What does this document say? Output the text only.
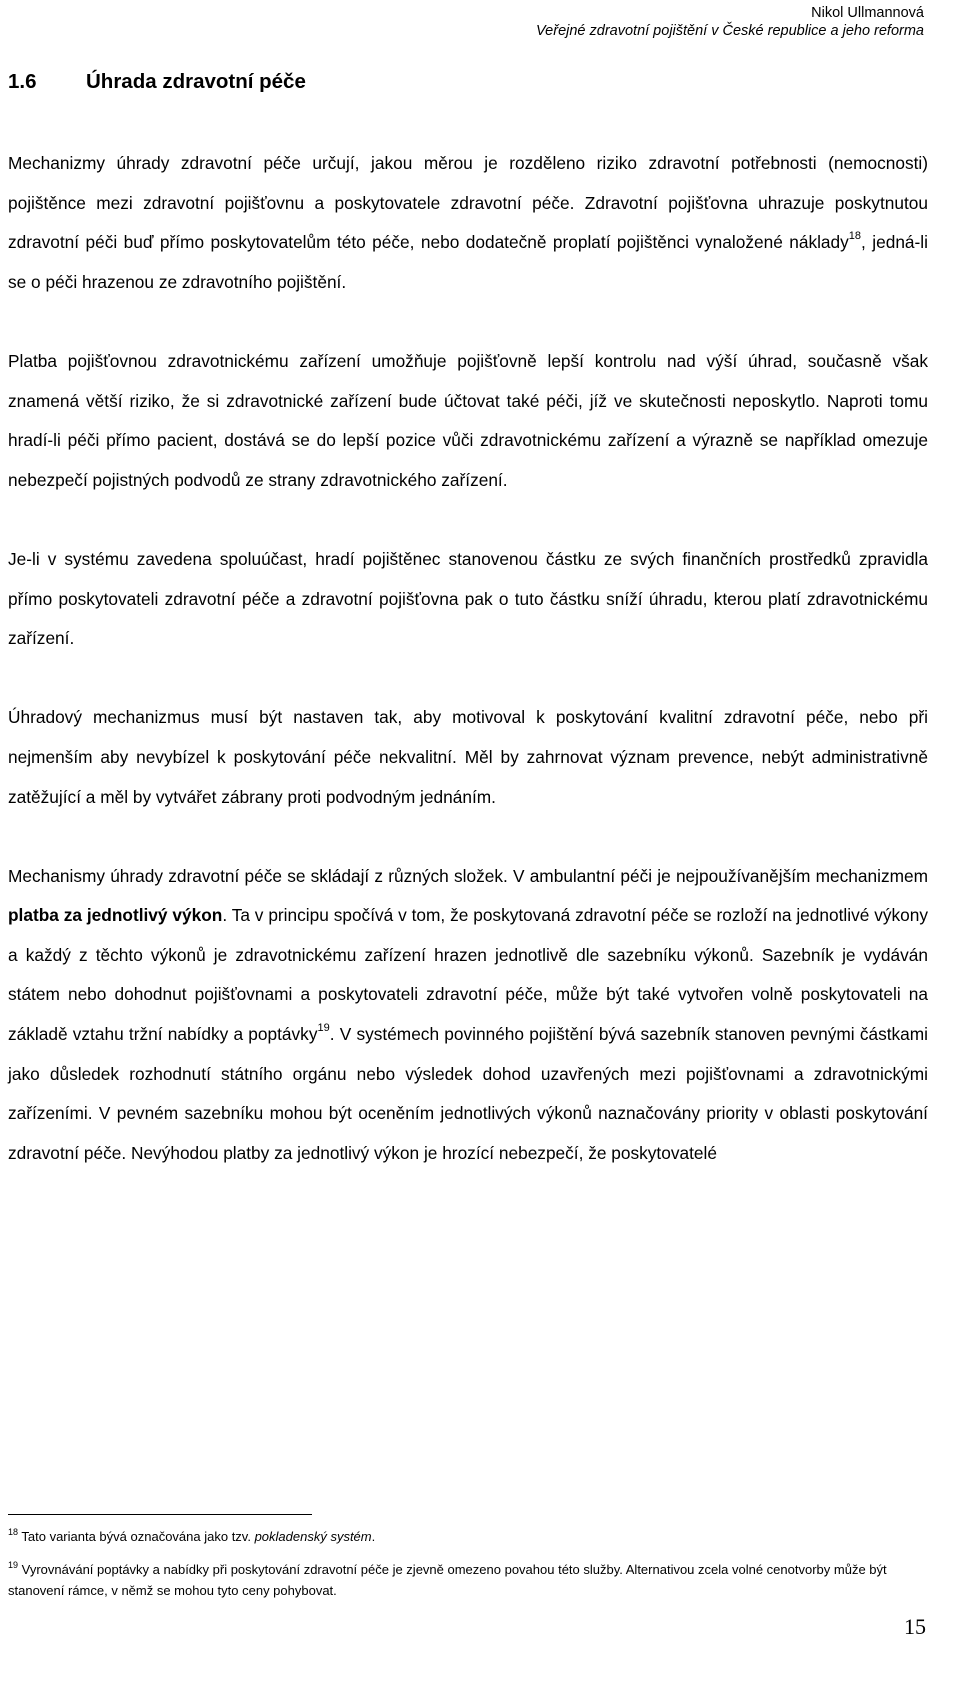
Nikol Ullmannová
Veřejné zdravotní pojištění v České republice a jeho reforma
1.6 Úhrada zdravotní péče

Mechanizmy úhrady zdravotní péče určují, jakou měrou je rozděleno riziko zdravotní potřebnosti (nemocnosti) pojištěnce mezi zdravotní pojišťovnu a poskytovatele zdravotní péče. Zdravotní pojišťovna uhrazuje poskytnutou zdravotní péči buď přímo poskytovatelům této péče, nebo dodatečně proplatí pojištěnci vynaložené náklady$^{18}$, jedná-li se o péči hrazenou ze zdravotního pojištění.

Platba pojišťovnou zdravotnickému zařízení umožňuje pojišťovně lepší kontrolu nad výší úhrad, současně však znamená větší riziko, že si zdravotnické zařízení bude účtovat také péči, jíž ve skutečnosti neposkytlo. Naproti tomu hradí-li péči přímo pacient, dostává se do lepší pozice vůči zdravotnickému zařízení a výrazně se například omezuje nebezpečí pojistných podvodů ze strany zdravotnického zařízení.

Je-li v systému zavedena spoluúčast, hradí pojištěnec stanovenou částku ze svých finančních prostředků zpravidla přímo poskytovateli zdravotní péče a zdravotní pojišťovna pak o tuto částku sníží úhradu, kterou platí zdravotnickému zařízení.

Úhradový mechanizmus musí být nastaven tak, aby motivoval k poskytování kvalitní zdravotní péče, nebo při nejmenším aby nevybízel k poskytování péče nekvalitní. Měl by zahrnovat význam prevence, nebýt administrativně zatěžující a měl by vytvářet zábrany proti podvodným jednáním.

Mechanismy úhrady zdravotní péče se skládají z různých složek. V ambulantní péči je nejpoužívanějším mechanizmem platba za jednotlivý výkon. Ta v principu spočívá v tom, že poskytovaná zdravotní péče se rozloží na jednotlivé výkony a každý z těchto výkonů je zdravotnickému zařízení hrazen jednotlivě dle sazebníku výkonů. Sazebník je vydáván státem nebo dohodnut pojišťovnami a poskytovateli zdravotní péče, může být také vytvořen volně poskytovateli na základě vztahu tržní nabídky a poptávky$^{19}$. V systémech povinného pojištění bývá sazebník stanoven pevnými částkami jako důsledek rozhodnutí státního orgánu nebo výsledek dohod uzavřených mezi pojišťovnami a zdravotnickými zařízeními. V pevném sazebníku mohou být oceněním jednotlivých výkonů naznačovány priority v oblasti poskytování zdravotní péče. Nevýhodou platby za jednotlivý výkon je hrozící nebezpečí, že poskytovatelé

$^{18}$ Tato varianta bývá označována jako tzv. pokladenský systém.

$^{19}$ Vyrovnávání poptávky a nabídky při poskytování zdravotní péče je zjevně omezeno povahou této služby. Alternativou zcela volné cenotvorby může být stanovení rámce, v němž se mohou tyto ceny pohybovat.

15
